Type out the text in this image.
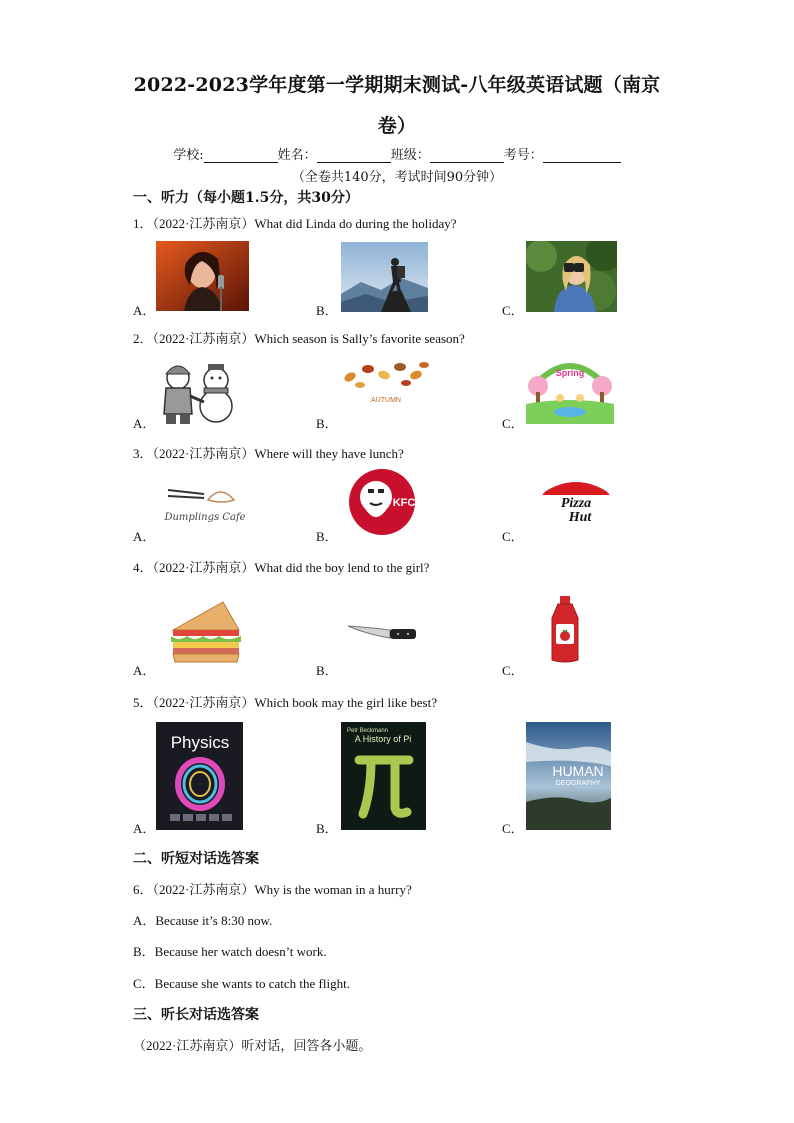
2022-2023学年度第一学期期末测试-八年级英语试题（南京
卷）
学校:	姓名：	班级：	考号：
（全卷共140分，考试时间90分钟）
一、听力（每小题1.5分，共30分）
1．（2022·江苏南京）What did Linda do during the holiday?
A．	B．	C．
2．（2022·江苏南京）Which season is Sally’s favorite season?
A．
AUTUMN
B．
Spring
C．
3．（2022·江苏南京）Where will they have lunch?
Dumplings Cafe
A．
KFC
B．
Pizza
Hut
C．
4．（2022·江苏南京）What did the boy lend to the girl?
A．	B．	C．
5．（2022·江苏南京）Which book may the girl like best?
Physics
A．
Petr Beckmann
A History of Pi
B．
HUMAN
GEOGRAPHY
C．
二、听短对话选答案
6．（2022·江苏南京）Why is the woman in a hurry?
A．Because it’s 8:30 now.
B．Because her watch doesn’t work.
C．Because she wants to catch the flight.
三、听长对话选答案
（2022·江苏南京）听对话，回答各小题。
